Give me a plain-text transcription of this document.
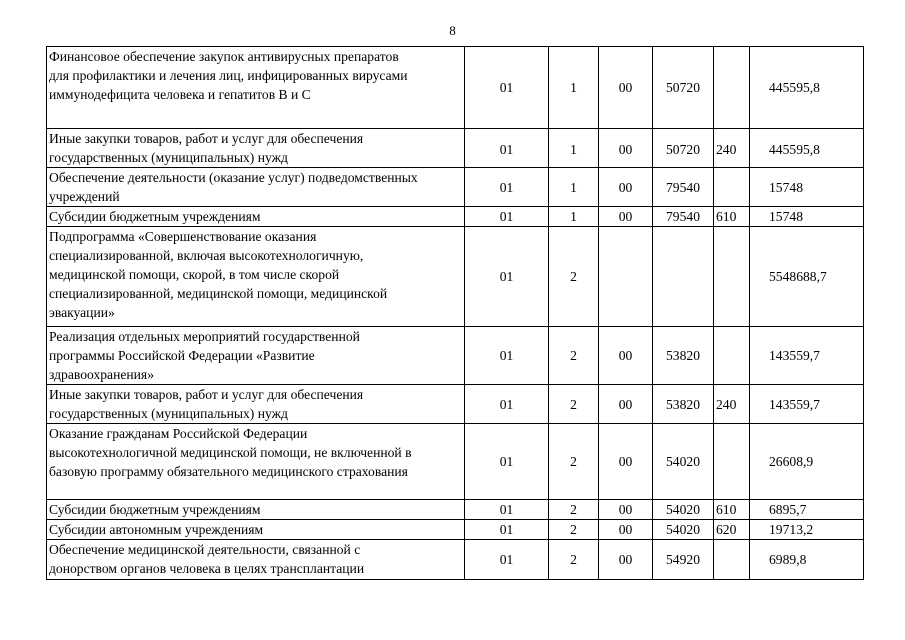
8
Финансовое обеспечение закупок антивирусных препаратов
для профилактики и лечения лиц, инфицированных вирусами
иммунодефицита человека и гепатитов В и С	01	1	00	50720		445595,8

Иные закупки товаров, работ и услуг для обеспечения
государственных (муниципальных) нужд	01	1	00	50720	240	445595,8

Обеспечение деятельности (оказание услуг) подведомственных
учреждений	01	1	00	79540		15748

Субсидии бюджетным учреждениям	01	1	00	79540	610	15748

Подпрограмма «Совершенствование оказания
специализированной, включая высокотехнологичную,
медицинской помощи, скорой, в том числе скорой
специализированной, медицинской помощи, медицинской
эвакуации»	01	2				5548688,7

Реализация отдельных мероприятий государственной
программы Российской Федерации «Развитие
здравоохранения»	01	2	00	53820		143559,7

Иные закупки товаров, работ и услуг для обеспечения
государственных (муниципальных) нужд	01	2	00	53820	240	143559,7

Оказание гражданам Российской Федерации
высокотехнологичной медицинской помощи, не включенной в
базовую программу обязательного медицинского страхования	01	2	00	54020		26608,9

Субсидии бюджетным учреждениям	01	2	00	54020	610	6895,7

Субсидии автономным учреждениям	01	2	00	54020	620	19713,2

Обеспечение медицинской деятельности, связанной с
донорством органов человека в целях трансплантации	01	2	00	54920		6989,8
